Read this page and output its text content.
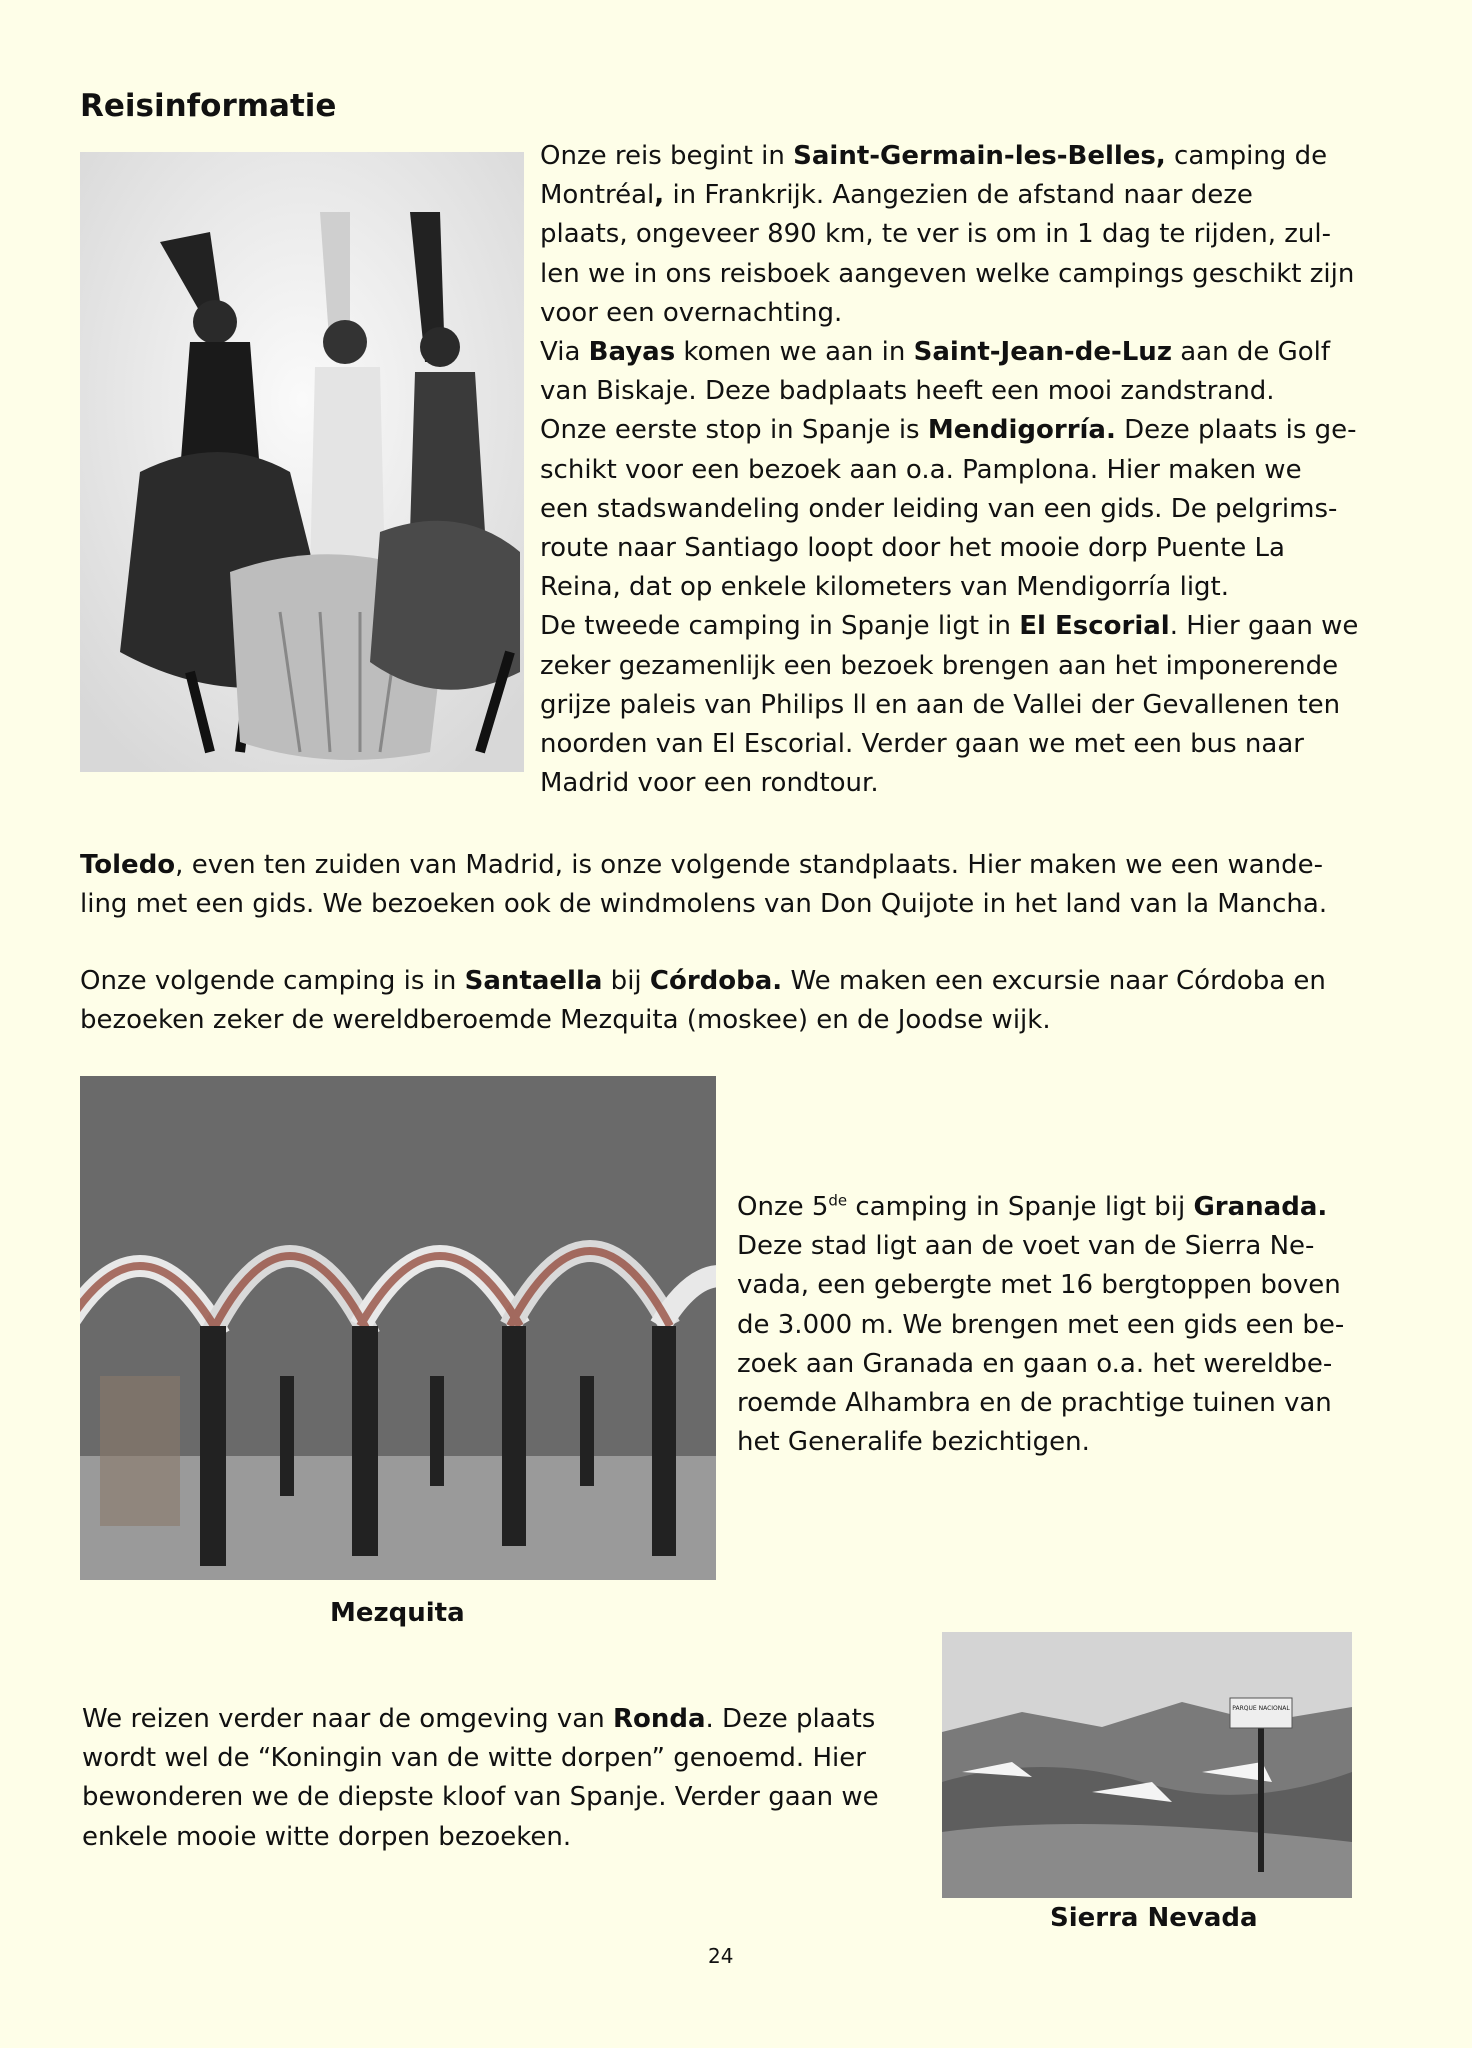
Reisinformatie
Onze reis begint in Saint-Germain-les-Belles, camping de
Montréal, in Frankrijk. Aangezien de afstand naar deze
plaats, ongeveer 890 km, te ver is om in 1 dag te rijden, zul-
len we in ons reisboek aangeven welke campings geschikt zijn
voor een overnachting.
Via Bayas komen we aan in Saint-Jean-de-Luz aan de Golf
van Biskaje. Deze badplaats heeft een mooi zandstrand.
Onze eerste stop in Spanje is Mendigorría. Deze plaats is ge-
schikt voor een bezoek aan o.a. Pamplona. Hier maken we
een stadswandeling onder leiding van een gids. De pelgrims-
route naar Santiago loopt door het mooie dorp Puente La
Reina, dat op enkele kilometers van Mendigorría ligt.
De tweede camping in Spanje ligt in El Escorial. Hier gaan we
zeker gezamenlijk een bezoek brengen aan het imponerende
grijze paleis van Philips ll en aan de Vallei der Gevallenen ten
noorden van El Escorial. Verder gaan we met een bus naar
Madrid voor een rondtour.
Toledo, even ten zuiden van Madrid, is onze volgende standplaats. Hier maken we een wande-
ling met een gids. We bezoeken ook de windmolens van Don Quijote in het land van la Mancha.
Onze volgende camping is in Santaella bij Córdoba. We maken een excursie naar Córdoba en
bezoeken zeker de wereldberoemde Mezquita (moskee) en de Joodse wijk.
Mezquita
Onze 5de camping in Spanje ligt bij Granada.
Deze stad ligt aan de voet van de Sierra Ne-
vada, een gebergte met 16 bergtoppen boven
de 3.000 m. We brengen met een gids een be-
zoek aan Granada en gaan o.a. het wereldbe-
roemde Alhambra en de prachtige tuinen van
het Generalife bezichtigen.
We reizen verder naar de omgeving van Ronda. Deze plaats
wordt wel de “Koningin van de witte dorpen” genoemd. Hier
bewonderen we de diepste kloof van Spanje. Verder gaan we
enkele mooie witte dorpen bezoeken.
PARQUE NACIONAL
Sierra Nevada
24
